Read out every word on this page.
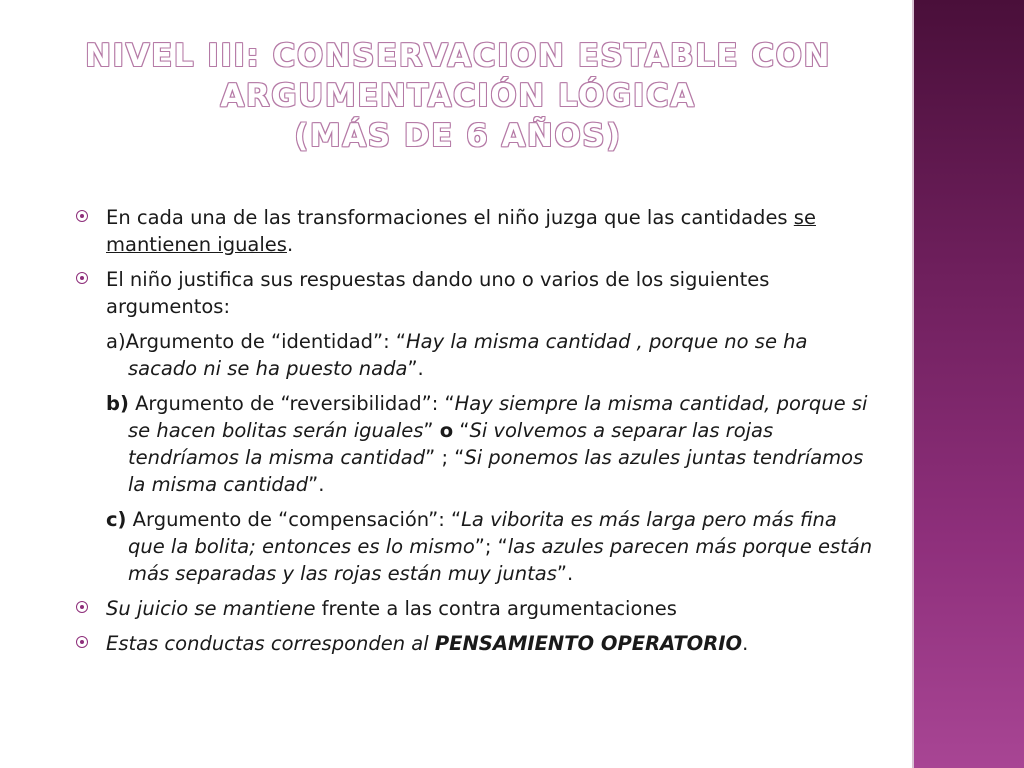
NIVEL III: CONSERVACION ESTABLE CON
ARGUMENTACIÓN LÓGICA
(MÁS DE 6 AÑOS)
En cada una de las transformaciones el niño juzga que las cantidades se mantienen iguales.
El niño justifica sus respuestas dando uno o varios de los siguientes argumentos:
a)Argumento de “identidad”: “Hay la misma cantidad , porque no se ha sacado ni se ha puesto nada”.
b) Argumento de “reversibilidad”: “Hay siempre la misma cantidad, porque si se hacen bolitas serán iguales” o “Si volvemos a separar las rojas tendríamos la misma cantidad” ; “Si ponemos las azules juntas tendríamos la misma cantidad”.
c) Argumento de “compensación”: “La viborita es más larga pero más fina que la bolita; entonces es lo mismo”; “las azules parecen más porque están más separadas y las rojas están muy juntas”.
Su juicio se mantiene frente a las contra argumentaciones
Estas conductas corresponden al PENSAMIENTO OPERATORIO.
